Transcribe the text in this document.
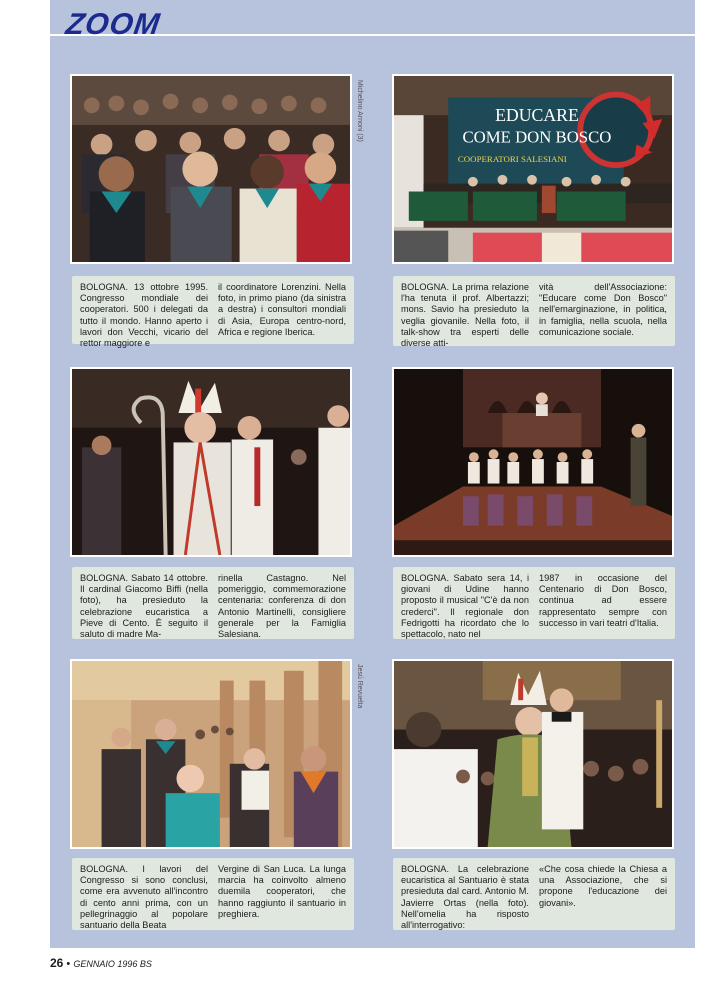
ZOOM
Michelino Arnoni (3)
BOLOGNA. 13 ottobre 1995. Congresso mondiale dei cooperatori. 500 i delegati da tutto il mondo. Hanno aperto i lavori don Vecchi, vicario del rettor maggiore e
il coordinatore Lorenzini. Nella foto, in primo piano (da sinistra a destra) i consultori mondiali di Asia, Europa centro-nord, Africa e regione Iberica.
EDUCARE
COME DON BOSCO
COOPERATORI SALESIANI
BOLOGNA. La prima relazione l'ha tenuta il prof. Albertazzi; mons. Savio ha presieduto la veglia giovanile. Nella foto, il talk-show tra esperti delle diverse atti-
vità dell'Associazione: "Educare come Don Bosco" nell'emarginazione, in politica, in famiglia, nella scuola, nella comunicazione sociale.
BOLOGNA. Sabato 14 ottobre. Il cardinal Giacomo Biffi (nella foto), ha presieduto la celebrazione eucaristica a Pieve di Cento. È seguito il saluto di madre Ma-
rinella Castagno. Nel pomeriggio, commemorazione centenaria: conferenza di don Antonio Martinelli, consigliere generale per la Famiglia Salesiana.
BOLOGNA. Sabato sera 14, i giovani di Udine hanno proposto il musical "C'è da non crederci". Il regionale don Fedrigotti ha ricordato che lo spettacolo, nato nel
1987 in occasione del Centenario di Don Bosco, continua ad essere rappresentato sempre con successo in vari teatri d'Italia.
Jesú Revuelta
BOLOGNA. I lavori del Congresso si sono conclusi, come era avvenuto all'incontro di cento anni prima, con un pellegrinaggio al popolare santuario della Beata
Vergine di San Luca. La lunga marcia ha coinvolto almeno duemila cooperatori, che hanno raggiunto il santuario in preghiera.
BOLOGNA. La celebrazione eucaristica al Santuario è stata presieduta dal card. Antonio M. Javierre Ortas (nella foto). Nell'omelia ha risposto all'interrogativo:
«Che cosa chiede la Chiesa a una Associazione, che si propone l'educazione dei giovani».
26 • GENNAIO 1996 BS
